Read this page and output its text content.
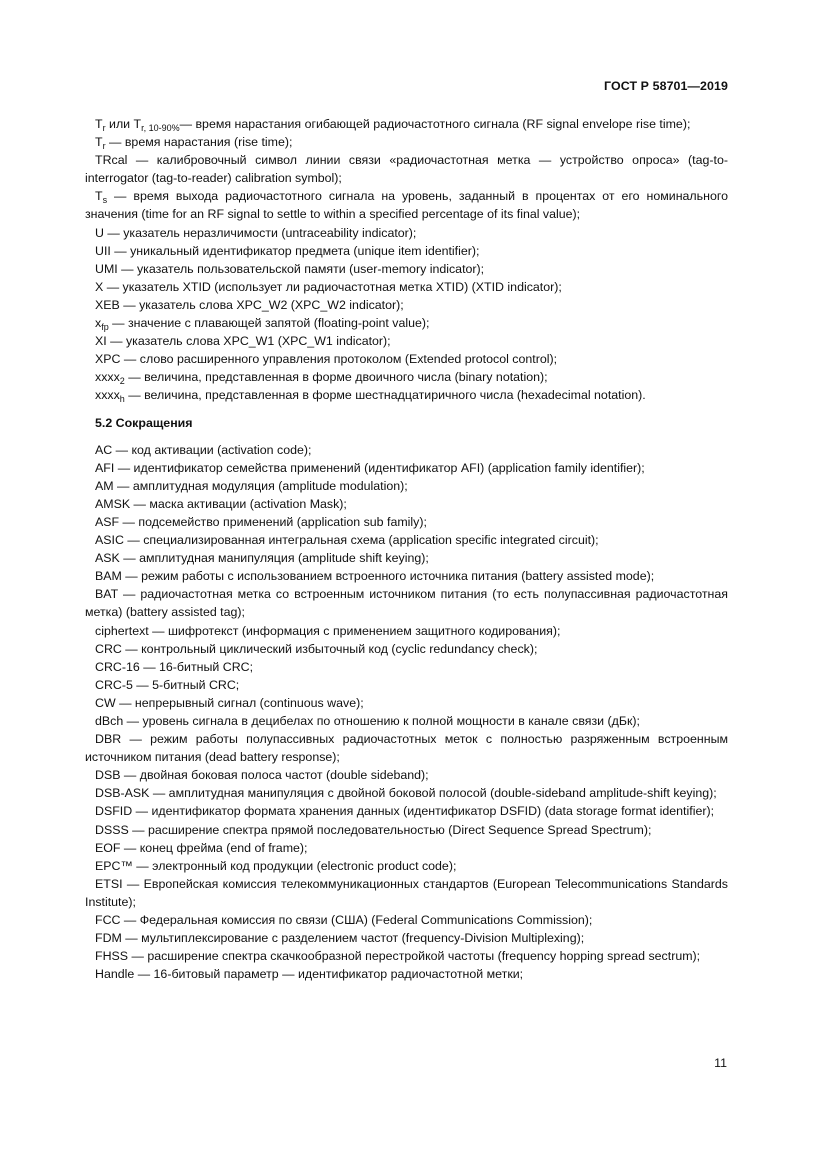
ГОСТ Р 58701—2019

$T_r$ или $T_{r, 10-90\%}—$ время нарастания огибающей радиочастотного сигнала (RF signal envelope rise time);

$T_r$ — время нарастания (rise time);

TRcal — калибровочный символ линии связи «радиочастотная метка — устройство опроса» (tag-to-interrogator (tag-to-reader) calibration symbol);

$T_s$ — время выхода радиочастотного сигнала на уровень, заданный в процентах от его номинального значения (time for an RF signal to settle to within a specified percentage of its final value);

U — указатель неразличимости (untraceability indicator);

UII — уникальный идентификатор предмета (unique item identifier);

UMI — указатель пользовательской памяти (user-memory indicator);

X — указатель XTID (использует ли радиочастотная метка XTID) (XTID indicator);

XEB — указатель слова XPC_W2 (XPC_W2 indicator);

$x_{fp}$ — значение с плавающей запятой (floating-point value);

XI — указатель слова XPC_W1 (XPC_W1 indicator);

XPC — слово расширенного управления протоколом (Extended protocol control);

xxxx$_2$ — величина, представленная в форме двоичного числа (binary notation);

xxxx$_h$ — величина, представленная в форме шестнадцатиричного числа (hexadecimal notation).

5.2 Сокращения

AC — код активации (activation code);

AFI — идентификатор семейства применений (идентификатор AFI) (application family identifier);

AM — амплитудная модуляция (amplitude modulation);

AMSK — маска активации (activation Mask);

ASF — подсемейство применений (application sub family);

ASIC — специализированная интегральная схема (application specific integrated circuit);

ASK — амплитудная манипуляция (amplitude shift keying);

BAM — режим работы с использованием встроенного источника питания (battery assisted mode);

BAT — радиочастотная метка со встроенным источником питания (то есть полупассивная радиочастотная метка) (battery assisted tag);

ciphertext — шифротекст (информация с применением защитного кодирования);

CRC — контрольный циклический избыточный код (cyclic redundancy check);

CRC-16 — 16-битный CRC;

CRC-5 — 5-битный CRC;

CW — непрерывный сигнал (continuous wave);

dBch — уровень сигнала в децибелах по отношению к полной мощности в канале связи (дБк);

DBR — режим работы полупассивных радиочастотных меток с полностью разряженным встроенным источником питания (dead battery response);

DSB — двойная боковая полоса частот (double sideband);

DSB-ASK — амплитудная манипуляция с двойной боковой полосой (double-sideband amplitude-shift keying);

DSFID — идентификатор формата хранения данных (идентификатор DSFID) (data storage format identifier);

DSSS — расширение спектра прямой последовательностью (Direct Sequence Spread Spectrum);

EOF — конец фрейма (end of frame);

EPC™ — электронный код продукции (electronic product code);

ETSI — Европейская комиссия телекоммуникационных стандартов (European Telecommunications Standards Institute);

FCC — Федеральная комиссия по связи (США) (Federal Communications Commission);

FDM — мультиплексирование с разделением частот (frequency-Division Multiplexing);

FHSS — расширение спектра скачкообразной перестройкой частоты (frequency hopping spread sectrum);

Handle — 16-битовый параметр — идентификатор радиочастотной метки;

11
